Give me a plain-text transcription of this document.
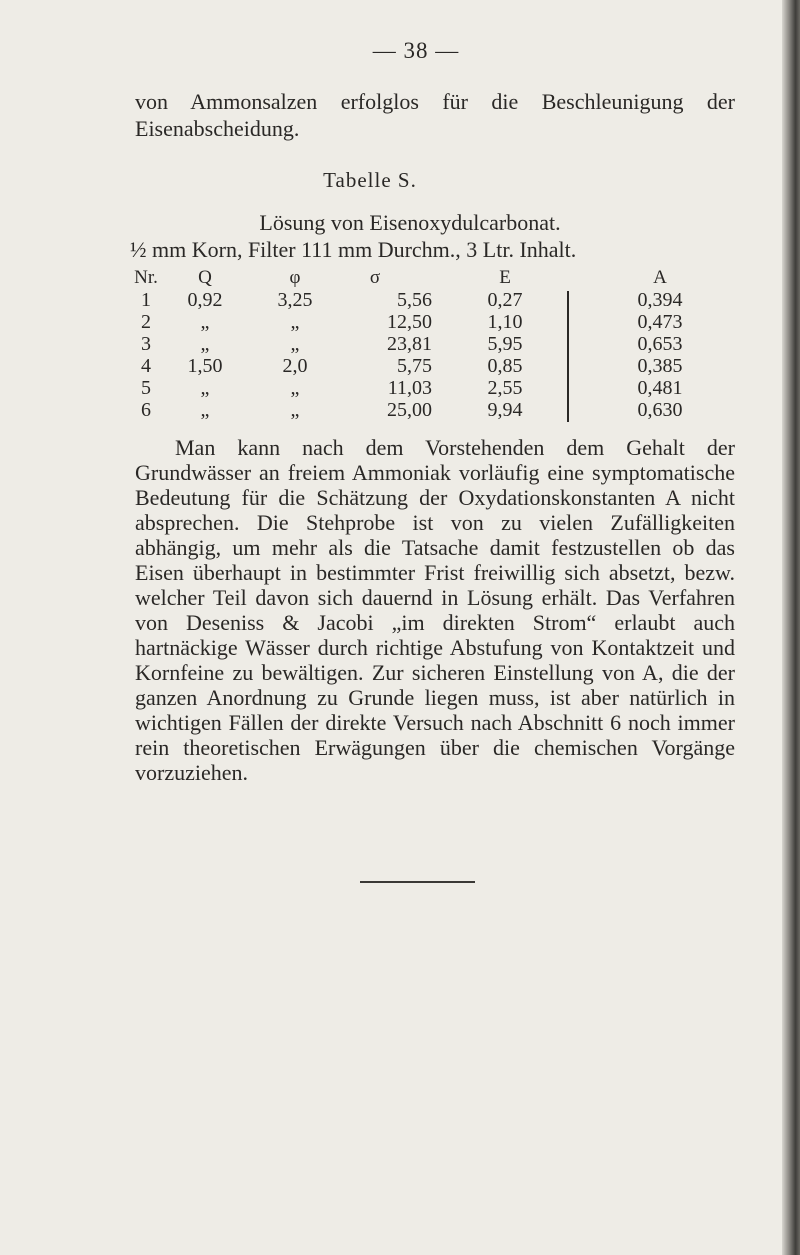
— 38 —
von Ammonsalzen erfolglos für die Beschleunigung der Eisenabscheidung.
Tabelle S.
Lösung von Eisenoxydulcarbonat.
½ mm Korn, Filter 111 mm Durchm., 3 Ltr. Inhalt.
Nr.	Q	φ	σ	E	A
1	0,92	3,25	5,56	0,27	0,394
2	„	„	12,50	1,10	0,473
3	„	„	23,81	5,95	0,653
4	1,50	2,0	5,75	0,85	0,385
5	„	„	11,03	2,55	0,481
6	„	„	25,00	9,94	0,630

Man kann nach dem Vorstehenden dem Gehalt der Grundwässer an freiem Ammoniak vorläufig eine symptomatische Bedeutung für die Schätzung der Oxydationskonstanten A nicht absprechen. Die Stehprobe ist von zu vielen Zufälligkeiten abhängig, um mehr als die Tatsache damit festzustellen ob das Eisen überhaupt in bestimmter Frist freiwillig sich absetzt, bezw. welcher Teil davon sich dauernd in Lösung erhält. Das Verfahren von Deseniss & Jacobi „im direkten Strom“ erlaubt auch hartnäckige Wässer durch richtige Abstufung von Kontaktzeit und Kornfeine zu bewältigen. Zur sicheren Einstellung von A, die der ganzen Anordnung zu Grunde liegen muss, ist aber natürlich in wichtigen Fällen der direkte Versuch nach Abschnitt 6 noch immer rein theoretischen Erwägungen über die chemischen Vorgänge vorzuziehen.
